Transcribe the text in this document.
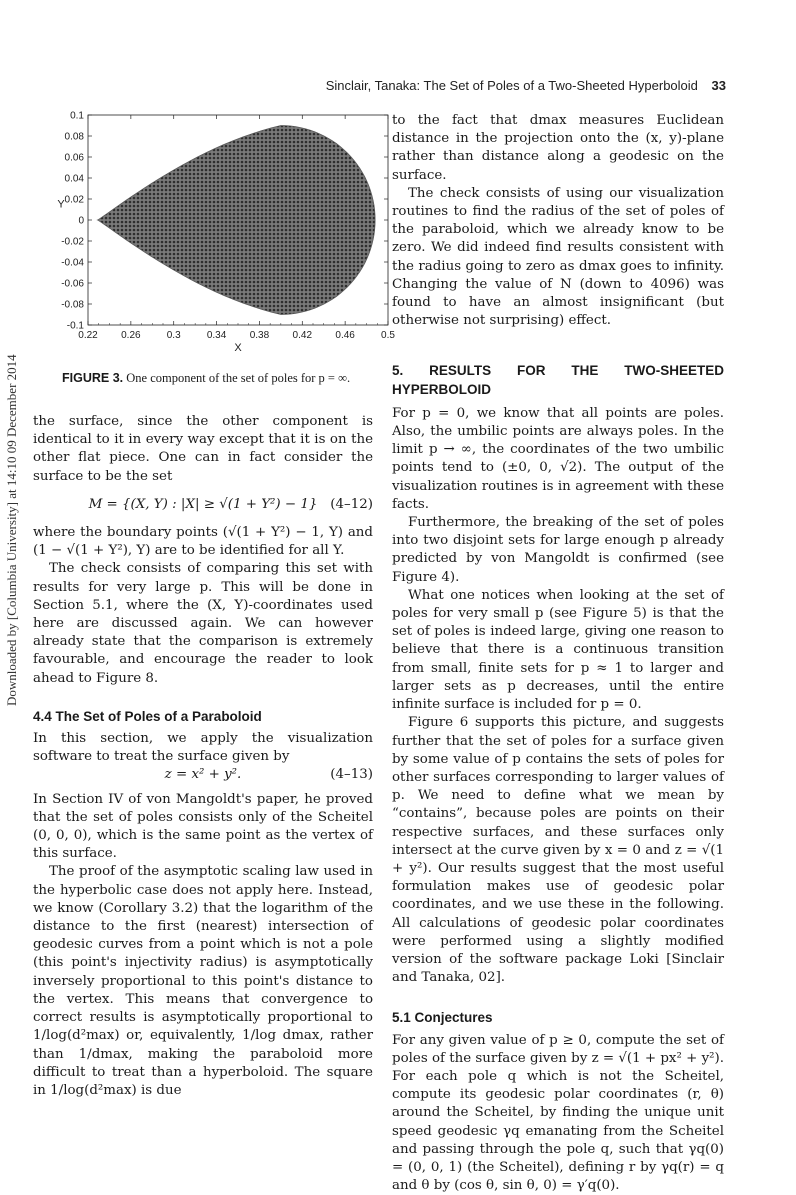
Sinclair, Tanaka: The Set of Poles of a Two-Sheeted Hyperboloid 33
Downloaded by [Columbia University] at 14:10 09 December 2014
0.22 0.26	0.3	0.34 0.38 0.42 0.46	0.5
0.1
0.08
0.06
0.04
0.02
0
-0.02
-0.04
-0.06
-0.08
-0.1
X
Y
FIGURE 3. One component of the set of poles for p = ∞.

the surface, since the other component is identical to it in every way except that it is on the other flat piece. One can in fact consider the surface to be the set

M = {(X, Y) : |X| ≥ √(1 + Y²) − 1} (4–12)

where the boundary points (√(1 + Y²) − 1, Y) and (1 − √(1 + Y²), Y) are to be identified for all Y.

The check consists of comparing this set with results for very large p. This will be done in Section 5.1, where the (X, Y)-coordinates used here are discussed again. We can however already state that the comparison is extremely favourable, and encourage the reader to look ahead to Figure 8.

4.4 The Set of Poles of a Paraboloid

In this section, we apply the visualization software to treat the surface given by

z = x² + y².	(4–13)

In Section IV of von Mangoldt's paper, he proved that the set of poles consists only of the Scheitel (0, 0, 0), which is the same point as the vertex of this surface.

The proof of the asymptotic scaling law used in the hyperbolic case does not apply here. Instead, we know (Corollary 3.2) that the logarithm of the distance to the first (nearest) intersection of geodesic curves from a point which is not a pole (this point's injectivity radius) is asymptotically inversely proportional to this point's distance to the vertex. This means that convergence to correct results is asymptotically proportional to 1/log(d²max) or, equivalently, 1/log dmax, rather than 1/dmax, making the paraboloid more difficult to treat than a hyperboloid. The square in 1/log(d²max) is due

to the fact that dmax measures Euclidean distance in the projection onto the (x, y)-plane rather than distance along a geodesic on the surface.

The check consists of using our visualization routines to find the radius of the set of poles of the paraboloid, which we already know to be zero. We did indeed find results consistent with the radius going to zero as dmax goes to infinity. Changing the value of N (down to 4096) was found to have an almost insignificant (but otherwise not surprising) effect.

5. RESULTS FOR THE TWO-SHEETED HYPERBOLOID

For p = 0, we know that all points are poles. Also, the umbilic points are always poles. In the limit p → ∞, the coordinates of the two umbilic points tend to (±0, 0, √2). The output of the visualization routines is in agreement with these facts.

Furthermore, the breaking of the set of poles into two disjoint sets for large enough p already predicted by von Mangoldt is confirmed (see Figure 4).

What one notices when looking at the set of poles for very small p (see Figure 5) is that the set of poles is indeed large, giving one reason to believe that there is a continuous transition from small, finite sets for p ≈ 1 to larger and larger sets as p decreases, until the entire infinite surface is included for p = 0.

Figure 6 supports this picture, and suggests further that the set of poles for a surface given by some value of p contains the sets of poles for other surfaces corresponding to larger values of p. We need to define what we mean by “contains”, because poles are points on their respective surfaces, and these surfaces only intersect at the curve given by x = 0 and z = √(1 + y²). Our results suggest that the most useful formulation makes use of geodesic polar coordinates, and we use these in the following. All calculations of geodesic polar coordinates were performed using a slightly modified version of the software package Loki [Sinclair and Tanaka, 02].

5.1 Conjectures

For any given value of p ≥ 0, compute the set of poles of the surface given by z = √(1 + px² + y²). For each pole q which is not the Scheitel, compute its geodesic polar coordinates (r, θ) around the Scheitel, by finding the unique unit speed geodesic γq emanating from the Scheitel and passing through the pole q, such that γq(0) = (0, 0, 1) (the Scheitel), defining r by γq(r) = q and θ by (cos θ, sin θ, 0) = γ′q(0).
